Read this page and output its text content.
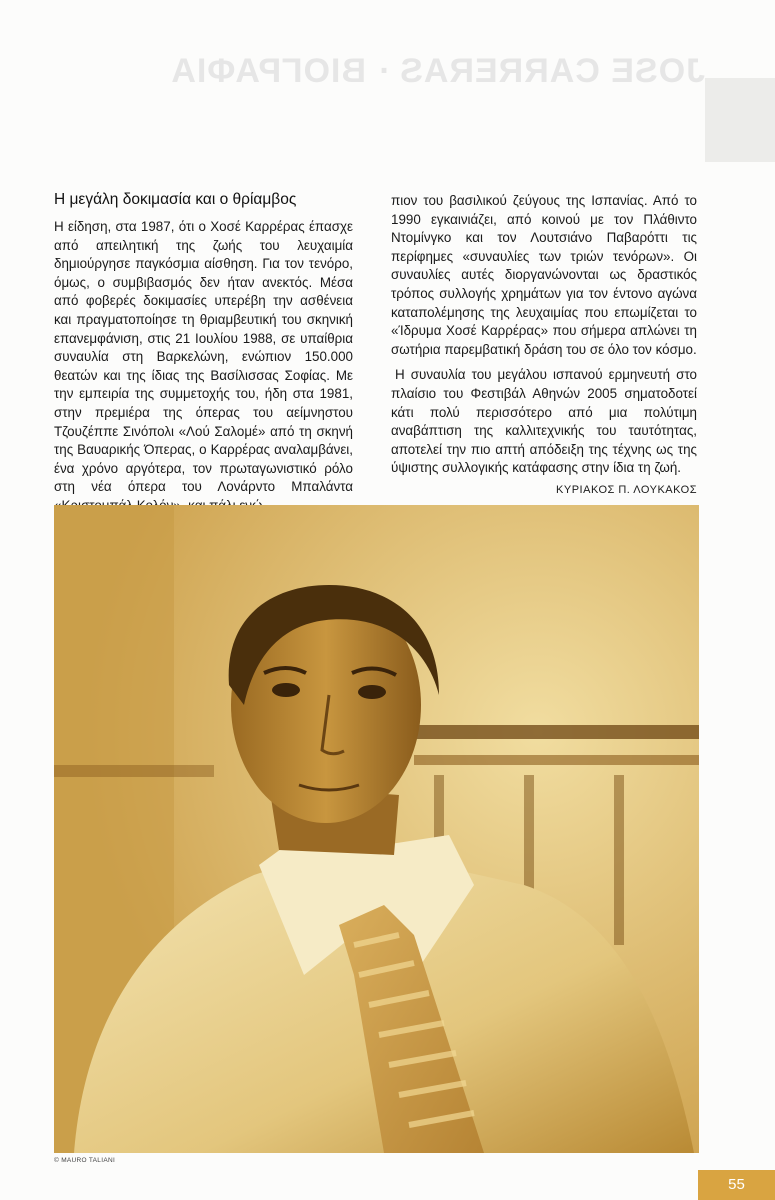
JOSE CARRERAS · ΒΙΟΓΡΑΦΙΑ
Η μεγάλη δοκιμασία και ο θρίαμβος

Η είδηση, στα 1987, ότι ο Χοσέ Καρρέρας έπασχε από απειλητική της ζωής του λευχαιμία δημιούργησε παγκόσμια αίσθηση. Για τον τενόρο, όμως, ο συμβιβασμός δεν ήταν ανεκτός. Μέσα από φοβερές δοκιμασίες υπερέβη την ασθένεια και πραγματοποίησε τη θριαμβευτική του σκηνική επανεμφάνιση, στις 21 Ιουλίου 1988, σε υπαίθρια συναυλία στη Βαρκελώνη, ενώπιον 150.000 θεατών και της ίδιας της Βασίλισσας Σοφίας. Με την εμπειρία της συμμετοχής του, ήδη στα 1981, στην πρεμιέρα της όπερας του αείμνηστου Τζουζέππε Σινόπολι «Λού Σαλομέ» από τη σκηνή της Βαυαρικής Όπερας, ο Καρρέρας αναλαμβάνει, ένα χρόνο αργότερα, τον πρωταγωνιστικό ρόλο στη νέα όπερα του Λονάρντο Μπαλάντα

πιον του βασιλικού ζεύγους της Ισπανίας. Από το 1990 εγκαινιάζει, από κοινού με τον Πλάθιντο Ντομίνγκο και τον Λουτσιάνο Παβαρόττι τις περίφημες «συναυλίες των τριών τενόρων». Οι συναυλίες αυτές διοργανώνονται ως δραστικός τρόπος συλλογής χρημάτων για τον έντονο αγώνα καταπολέμησης της λευχαιμίας που επωμίζεται το «Ίδρυμα Χοσέ Καρρέρας» που σήμερα απλώνει τη σωτήρια παρεμβατική δράση του σε όλο τον κόσμο.

Η συναυλία του μεγάλου ισπανού ερμηνευτή στο πλαίσιο του Φεστιβάλ Αθηνών 2005 σηματοδοτεί κάτι πολύ περισσότερο από μια πολύτιμη αναβάπτιση της καλλιτεχνικής του ταυτότητας, αποτελεί την πιο απτή απόδειξη της τέχνης ως της ύψιστης συλλογικής κατάφασης στην ίδια τη ζωή.

ΚΥΡΙΑΚΟΣ Π. ΛΟΥΚΑΚΟΣ
© MAURO TALIANI
55
